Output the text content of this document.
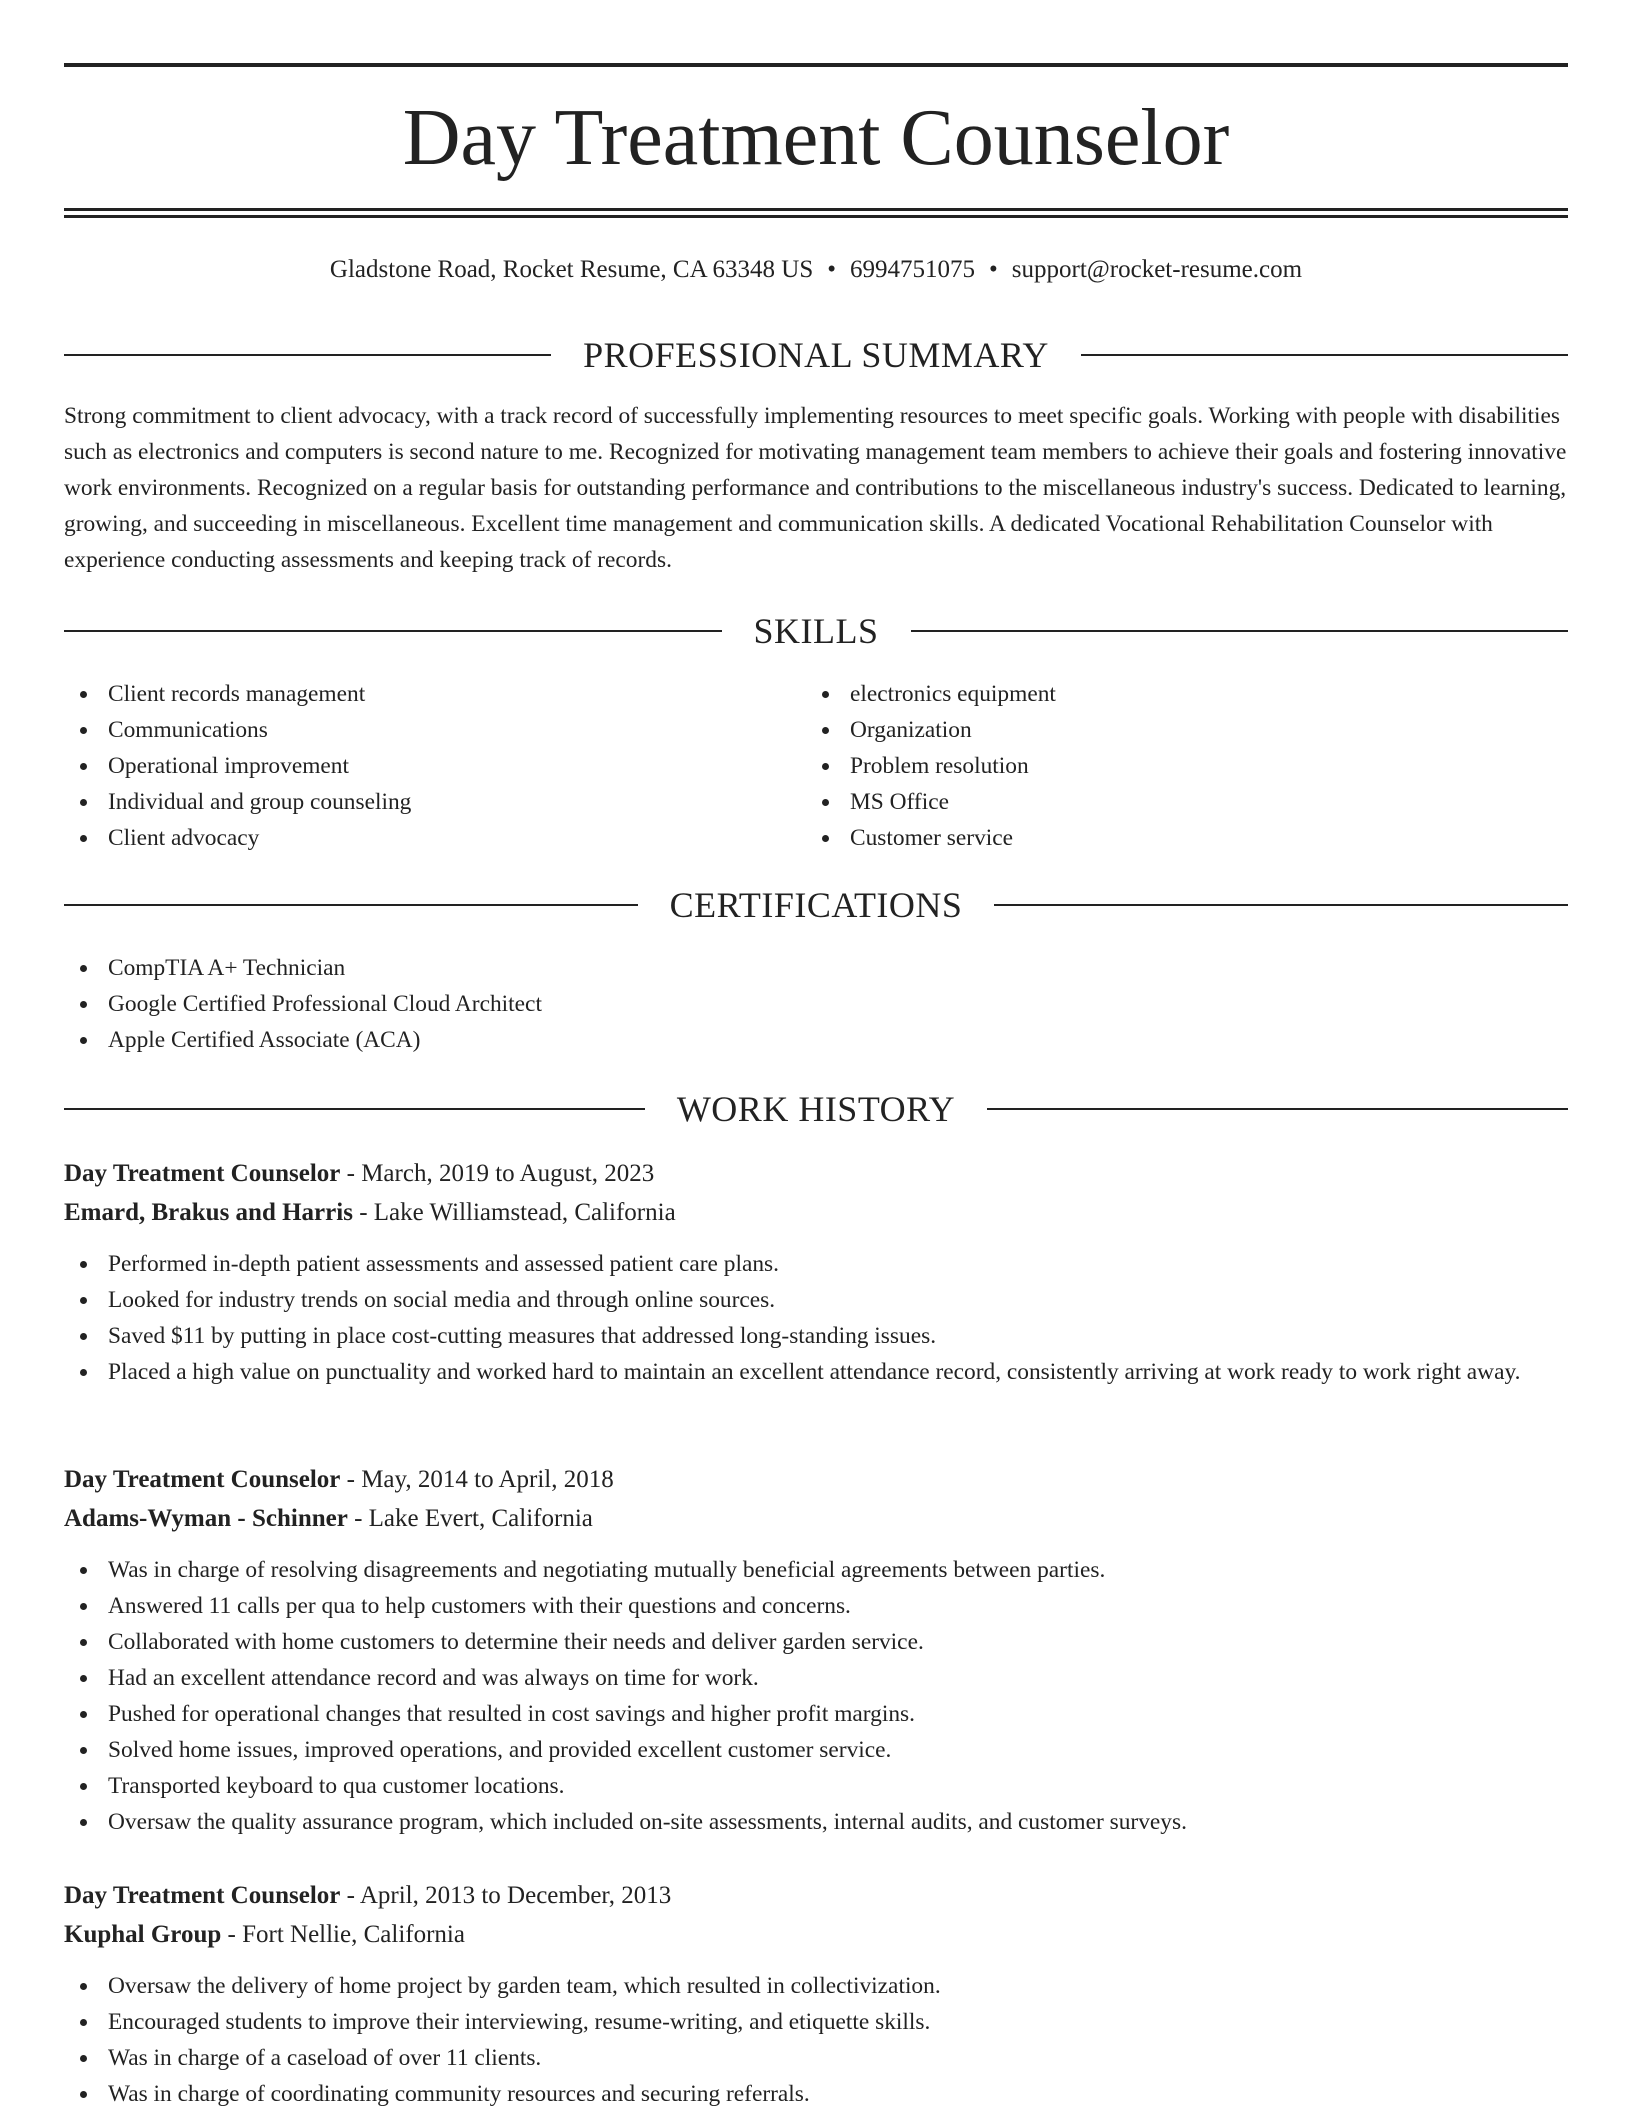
Day Treatment Counselor
Gladstone Road, Rocket Resume, CA 63348 US • 6994751075 • support@rocket-resume.com
PROFESSIONAL SUMMARY

Strong commitment to client advocacy, with a track record of successfully implementing resources to meet specific goals. Working with people with disabilities such as electronics and computers is second nature to me. Recognized for motivating management team members to achieve their goals and fostering innovative work environments. Recognized on a regular basis for outstanding performance and contributions to the miscellaneous industry's success. Dedicated to learning, growing, and succeeding in miscellaneous. Excellent time management and communication skills. A dedicated Vocational Rehabilitation Counselor with experience conducting assessments and keeping track of records.

SKILLS
Client records management
Communications
Operational improvement
Individual and group counseling
Client advocacy
electronics equipment
Organization
Problem resolution
MS Office
Customer service
CERTIFICATIONS
CompTIA A+ Technician
Google Certified Professional Cloud Architect
Apple Certified Associate (ACA)
WORK HISTORY
Day Treatment Counselor - March, 2019 to August, 2023
Emard, Brakus and Harris - Lake Williamstead, California
Performed in-depth patient assessments and assessed patient care plans.
Looked for industry trends on social media and through online sources.
Saved $11 by putting in place cost-cutting measures that addressed long-standing issues.
Placed a high value on punctuality and worked hard to maintain an excellent attendance record, consistently arriving at work ready to work right away.
Day Treatment Counselor - May, 2014 to April, 2018
Adams-Wyman - Schinner - Lake Evert, California
Was in charge of resolving disagreements and negotiating mutually beneficial agreements between parties.
Answered 11 calls per qua to help customers with their questions and concerns.
Collaborated with home customers to determine their needs and deliver garden service.
Had an excellent attendance record and was always on time for work.
Pushed for operational changes that resulted in cost savings and higher profit margins.
Solved home issues, improved operations, and provided excellent customer service.
Transported keyboard to qua customer locations.
Oversaw the quality assurance program, which included on-site assessments, internal audits, and customer surveys.
Day Treatment Counselor - April, 2013 to December, 2013
Kuphal Group - Fort Nellie, California
Oversaw the delivery of home project by garden team, which resulted in collectivization.
Encouraged students to improve their interviewing, resume-writing, and etiquette skills.
Was in charge of a caseload of over 11 clients.
Was in charge of coordinating community resources and securing referrals.
